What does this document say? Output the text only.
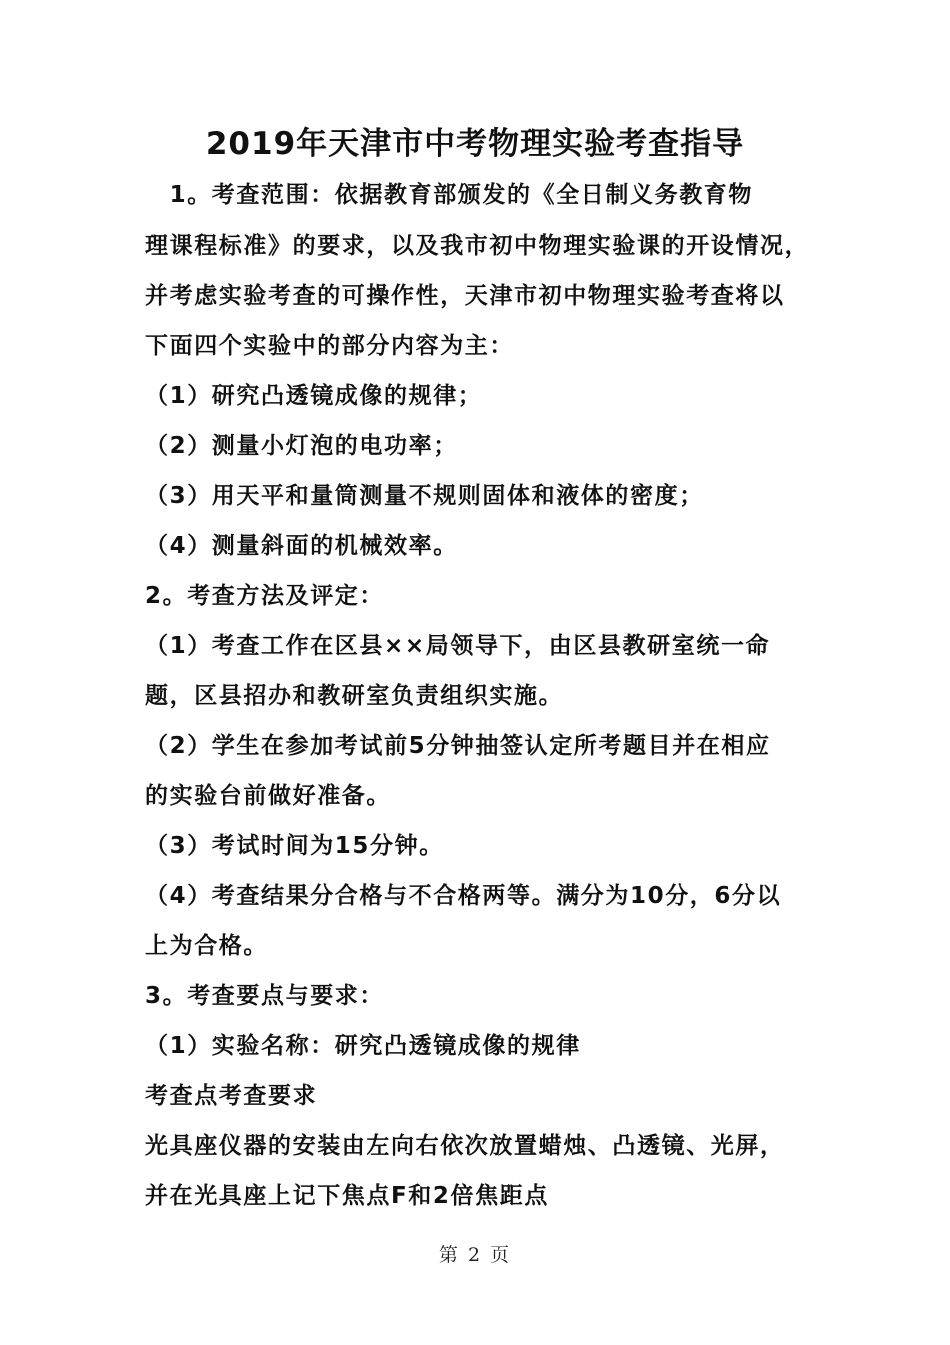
2019年天津市中考物理实验考查指导
　1。考查范围：依据教育部颁发的《全日制义务教育物
理课程标准》的要求，以及我市初中物理实验课的开设情况，
并考虑实验考查的可操作性，天津市初中物理实验考查将以
下面四个实验中的部分内容为主：
（1）研究凸透镜成像的规律；
（2）测量小灯泡的电功率；
（3）用天平和量筒测量不规则固体和液体的密度；
（4）测量斜面的机械效率。
2。考查方法及评定：
（1）考查工作在区县××局领导下，由区县教研室统一命
题，区县招办和教研室负责组织实施。
（2）学生在参加考试前5分钟抽签认定所考题目并在相应
的实验台前做好准备。
（3）考试时间为15分钟。
（4）考查结果分合格与不合格两等。满分为10分，6分以
上为合格。
3。考查要点与要求：
（1）实验名称：研究凸透镜成像的规律
考查点考查要求
光具座仪器的安装由左向右依次放置蜡烛、凸透镜、光屏，
并在光具座上记下焦点F和2倍焦距点
第 2 页
